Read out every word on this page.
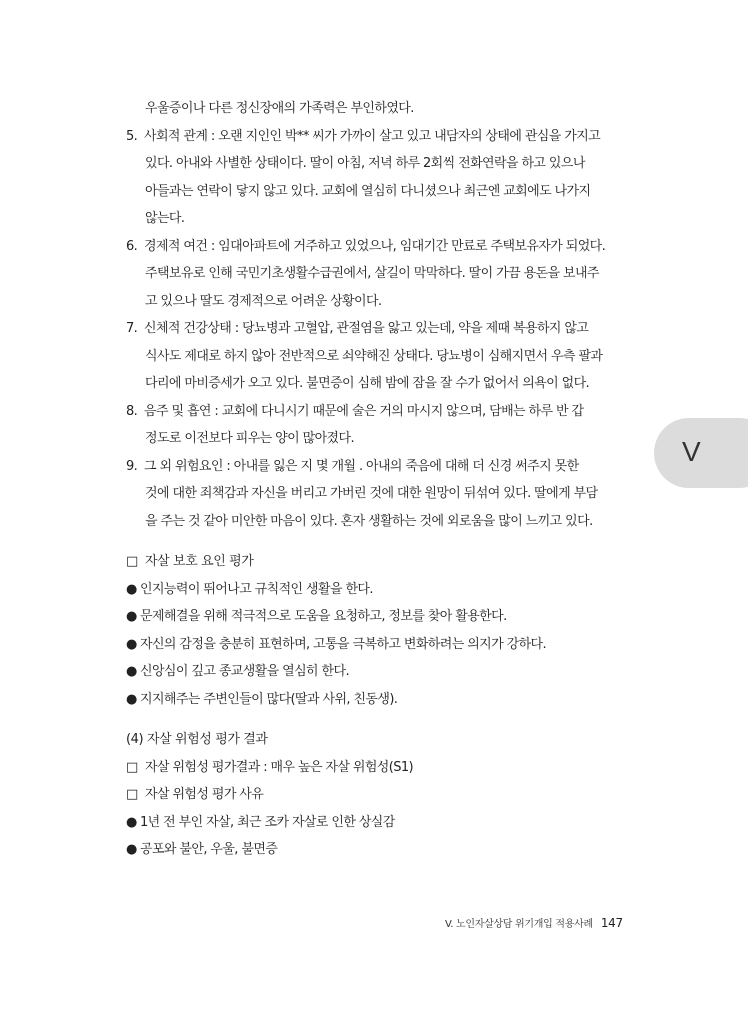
우울증이나 다른 정신장애의 가족력은 부인하였다.
5. 사회적 관계 : 오랜 지인인 박** 씨가 가까이 살고 있고 내담자의 상태에 관심을 가지고
있다. 아내와 사별한 상태이다. 딸이 아침, 저녁 하루 2회씩 전화연락을 하고 있으나
아들과는 연락이 닿지 않고 있다. 교회에 열심히 다니셨으나 최근엔 교회에도 나가지
않는다.
6. 경제적 여건 : 임대아파트에 거주하고 있었으나, 임대기간 만료로 주택보유자가 되었다.
주택보유로 인해 국민기초생활수급권에서, 살길이 막막하다. 딸이 가끔 용돈을 보내주
고 있으나 딸도 경제적으로 어려운 상황이다.
7. 신체적 건강상태 : 당뇨병과 고혈압, 관절염을 앓고 있는데, 약을 제때 복용하지 않고
식사도 제대로 하지 않아 전반적으로 쇠약해진 상태다. 당뇨병이 심해지면서 우측 팔과
다리에 마비증세가 오고 있다. 불면증이 심해 밤에 잠을 잘 수가 없어서 의욕이 없다.
8. 음주 및 흡연 : 교회에 다니시기 때문에 술은 거의 마시지 않으며, 담배는 하루 반 갑
정도로 이전보다 피우는 양이 많아졌다.
9. 그 외 위험요인 : 아내를 잃은 지 몇 개월 . 아내의 죽음에 대해 더 신경 써주지 못한
것에 대한 죄책감과 자신을 버리고 가버린 것에 대한 원망이 뒤섞여 있다. 딸에게 부담
을 주는 것 같아 미안한 마음이 있다. 혼자 생활하는 것에 외로움을 많이 느끼고 있다.
□ 자살 보호 요인 평가
● 인지능력이 뛰어나고 규칙적인 생활을 한다.
● 문제해결을 위해 적극적으로 도움을 요청하고, 정보를 찾아 활용한다.
● 자신의 감정을 충분히 표현하며, 고통을 극복하고 변화하려는 의지가 강하다.
● 신앙심이 깊고 종교생활을 열심히 한다.
● 지지해주는 주변인들이 많다(딸과 사위, 친동생).
(4) 자살 위험성 평가 결과
□ 자살 위험성 평가결과 : 매우 높은 자살 위험성(S1)
□ 자살 위험성 평가 사유
● 1년 전 부인 자살, 최근 조카 자살로 인한 상실감
● 공포와 불안, 우울, 불면증
V
V. 노인자살상담 위기개입 적용사례 147
